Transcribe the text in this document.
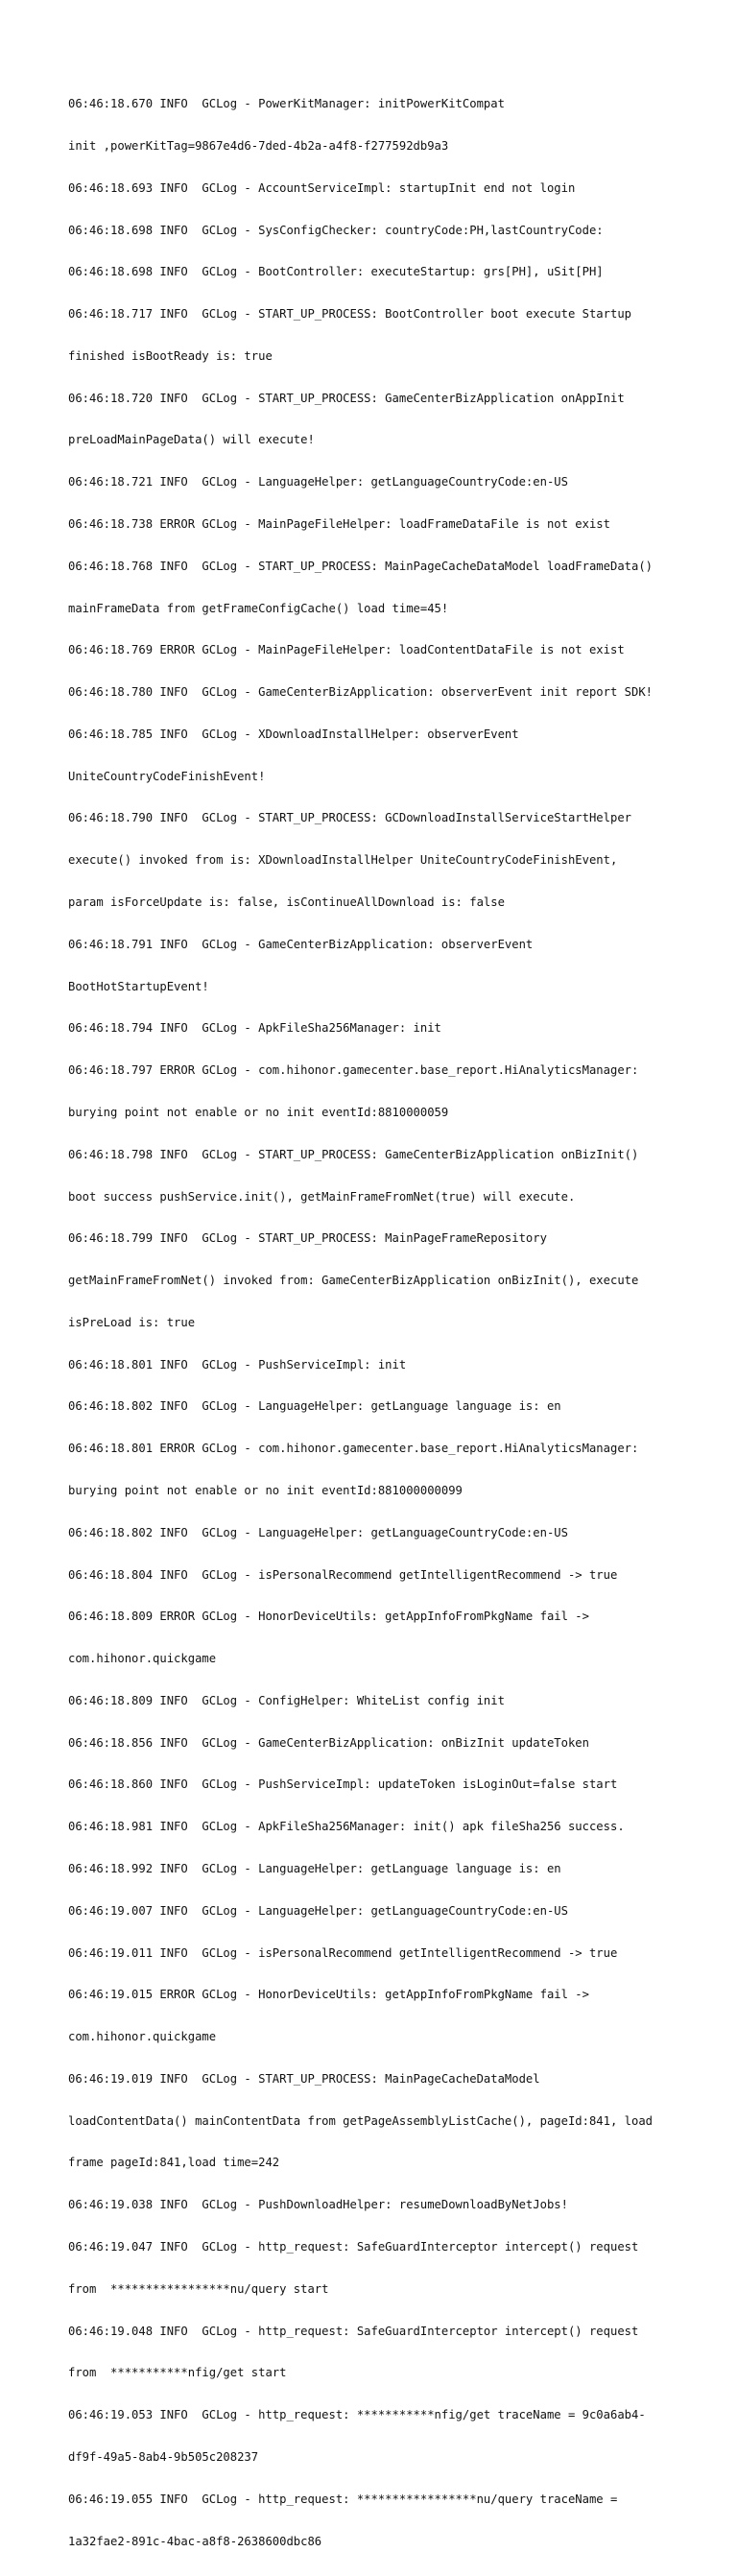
06:46:18.670 INFO  GCLog - PowerKitManager: initPowerKitCompat

init ,powerKitTag=9867e4d6-7ded-4b2a-a4f8-f277592db9a3

06:46:18.693 INFO  GCLog - AccountServiceImpl: startupInit end not login

06:46:18.698 INFO  GCLog - SysConfigChecker: countryCode:PH,lastCountryCode:

06:46:18.698 INFO  GCLog - BootController: executeStartup: grs[PH], uSit[PH]

06:46:18.717 INFO  GCLog - START_UP_PROCESS: BootController boot execute Startup

finished isBootReady is: true

06:46:18.720 INFO  GCLog - START_UP_PROCESS: GameCenterBizApplication onAppInit

preLoadMainPageData() will execute!

06:46:18.721 INFO  GCLog - LanguageHelper: getLanguageCountryCode:en-US

06:46:18.738 ERROR GCLog - MainPageFileHelper: loadFrameDataFile is not exist

06:46:18.768 INFO  GCLog - START_UP_PROCESS: MainPageCacheDataModel loadFrameData()

mainFrameData from getFrameConfigCache() load time=45!

06:46:18.769 ERROR GCLog - MainPageFileHelper: loadContentDataFile is not exist

06:46:18.780 INFO  GCLog - GameCenterBizApplication: observerEvent init report SDK!

06:46:18.785 INFO  GCLog - XDownloadInstallHelper: observerEvent

UniteCountryCodeFinishEvent!

06:46:18.790 INFO  GCLog - START_UP_PROCESS: GCDownloadInstallServiceStartHelper

execute() invoked from is: XDownloadInstallHelper UniteCountryCodeFinishEvent,

param isForceUpdate is: false, isContinueAllDownload is: false

06:46:18.791 INFO  GCLog - GameCenterBizApplication: observerEvent

BootHotStartupEvent!

06:46:18.794 INFO  GCLog - ApkFileSha256Manager: init

06:46:18.797 ERROR GCLog - com.hihonor.gamecenter.base_report.HiAnalyticsManager:

burying point not enable or no init eventId:8810000059

06:46:18.798 INFO  GCLog - START_UP_PROCESS: GameCenterBizApplication onBizInit()

boot success pushService.init(), getMainFrameFromNet(true) will execute.

06:46:18.799 INFO  GCLog - START_UP_PROCESS: MainPageFrameRepository

getMainFrameFromNet() invoked from: GameCenterBizApplication onBizInit(), execute

isPreLoad is: true

06:46:18.801 INFO  GCLog - PushServiceImpl: init

06:46:18.802 INFO  GCLog - LanguageHelper: getLanguage language is: en

06:46:18.801 ERROR GCLog - com.hihonor.gamecenter.base_report.HiAnalyticsManager:

burying point not enable or no init eventId:881000000099

06:46:18.802 INFO  GCLog - LanguageHelper: getLanguageCountryCode:en-US

06:46:18.804 INFO  GCLog - isPersonalRecommend getIntelligentRecommend -> true

06:46:18.809 ERROR GCLog - HonorDeviceUtils: getAppInfoFromPkgName fail ->

com.hihonor.quickgame

06:46:18.809 INFO  GCLog - ConfigHelper: WhiteList config init

06:46:18.856 INFO  GCLog - GameCenterBizApplication: onBizInit updateToken

06:46:18.860 INFO  GCLog - PushServiceImpl: updateToken isLoginOut=false start

06:46:18.981 INFO  GCLog - ApkFileSha256Manager: init() apk fileSha256 success.

06:46:18.992 INFO  GCLog - LanguageHelper: getLanguage language is: en

06:46:19.007 INFO  GCLog - LanguageHelper: getLanguageCountryCode:en-US

06:46:19.011 INFO  GCLog - isPersonalRecommend getIntelligentRecommend -> true

06:46:19.015 ERROR GCLog - HonorDeviceUtils: getAppInfoFromPkgName fail ->

com.hihonor.quickgame

06:46:19.019 INFO  GCLog - START_UP_PROCESS: MainPageCacheDataModel

loadContentData() mainContentData from getPageAssemblyListCache(), pageId:841, load

frame pageId:841,load time=242

06:46:19.038 INFO  GCLog - PushDownloadHelper: resumeDownloadByNetJobs!

06:46:19.047 INFO  GCLog - http_request: SafeGuardInterceptor intercept() request

from  *****************nu/query start

06:46:19.048 INFO  GCLog - http_request: SafeGuardInterceptor intercept() request

from  ***********nfig/get start

06:46:19.053 INFO  GCLog - http_request: ***********nfig/get traceName = 9c0a6ab4-

df9f-49a5-8ab4-9b505c208237

06:46:19.055 INFO  GCLog - http_request: *****************nu/query traceName =

1a32fae2-891c-4bac-a8f8-2638600dbc86
